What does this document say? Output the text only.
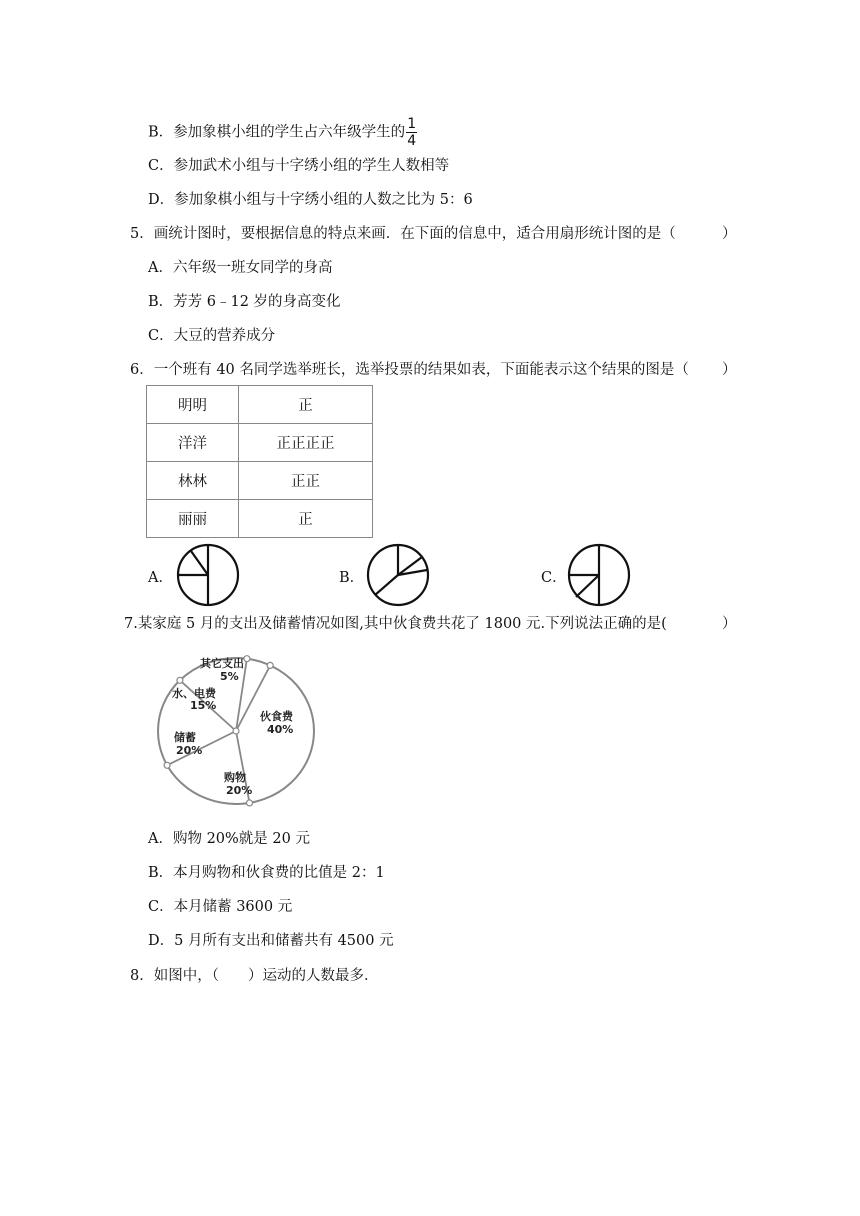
B．参加象棋小组的学生占六年级学生的 $\frac{1}{4}$
C．参加武术小组与十字绣小组的学生人数相等
D．参加象棋小组与十字绣小组的人数之比为 5：6
5．画统计图时，要根据信息的特点来画．在下面的信息中，适合用扇形统计图的是（	）
A．六年级一班女同学的身高
B．芳芳 6﹣12 岁的身高变化
C．大豆的营养成分
6．一个班有 40 名同学选举班长，选举投票的结果如表，下面能表示这个结果的图是（ ）
明明	正
洋洋	正正正正
林林	正正
丽丽	正
A．	B．	C．
7.某家庭 5 月的支出及储蓄情况如图,其中伙食费共花了 1800 元.下列说法正确的是(	）
其它支出
5%
水、电费
15%
伙食费
40%
储蓄
20%
购物
20%
A．购物 20%就是 20 元
B．本月购物和伙食费的比值是 2：1
C．本月储蓄 3600 元
D．5 月所有支出和储蓄共有 4500 元
8．如图中，（　　）运动的人数最多．
